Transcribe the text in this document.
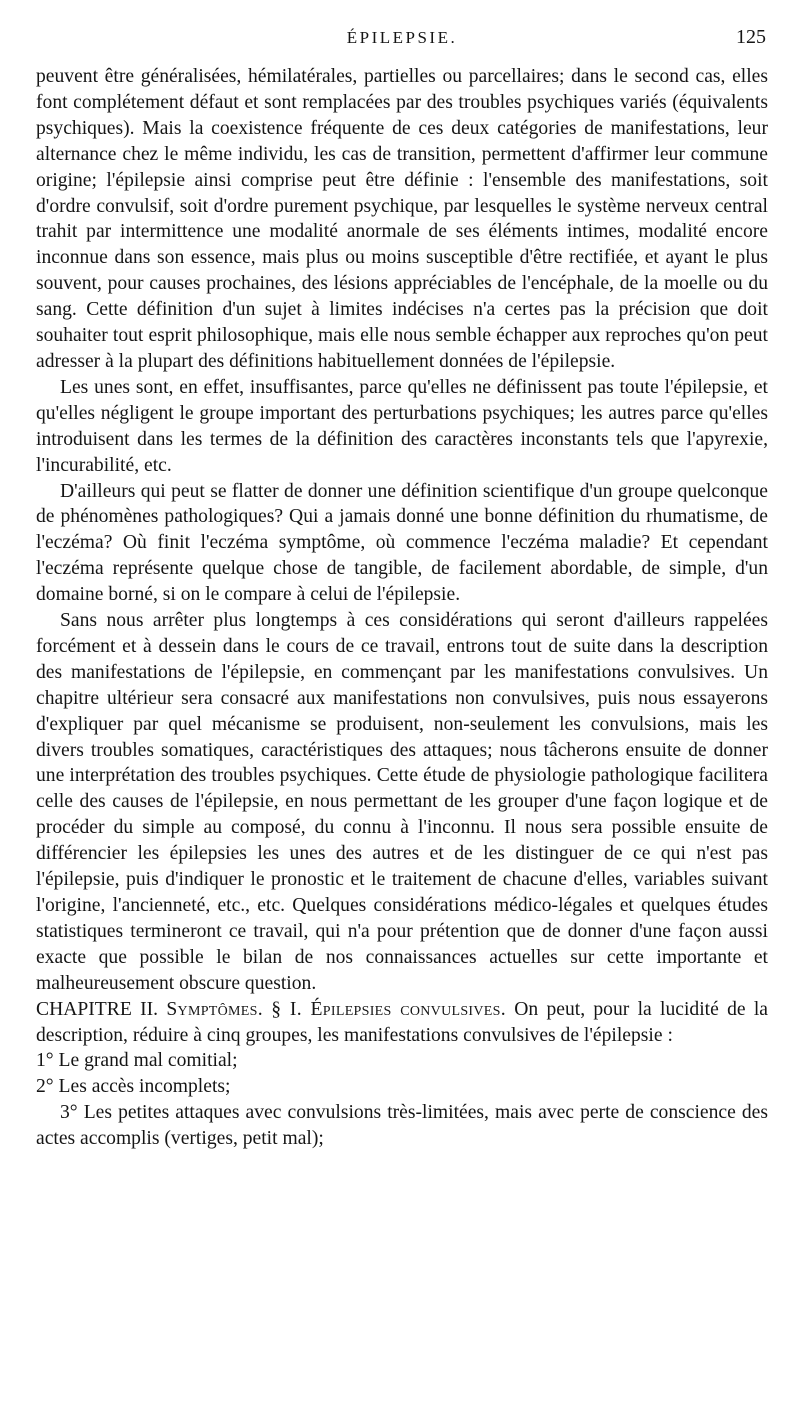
ÉPILEPSIE.	125

peuvent être généralisées, hémilatérales, partielles ou parcellaires; dans le second cas, elles font complétement défaut et sont remplacées par des troubles psychiques variés (équivalents psychiques). Mais la coexistence fréquente de ces deux catégories de manifestations, leur alternance chez le même individu, les cas de transition, permettent d'affirmer leur commune origine; l'épilepsie ainsi comprise peut être définie : l'ensemble des manifestations, soit d'ordre convulsif, soit d'ordre purement psychique, par lesquelles le système nerveux central trahit par intermittence une modalité anormale de ses éléments intimes, modalité encore inconnue dans son essence, mais plus ou moins susceptible d'être rectifiée, et ayant le plus souvent, pour causes prochaines, des lésions appréciables de l'encéphale, de la moelle ou du sang. Cette définition d'un sujet à limites indécises n'a certes pas la précision que doit souhaiter tout esprit philosophique, mais elle nous semble échapper aux reproches qu'on peut adresser à la plupart des définitions habituellement données de l'épilepsie.

Les unes sont, en effet, insuffisantes, parce qu'elles ne définissent pas toute l'épilepsie, et qu'elles négligent le groupe important des perturbations psychiques; les autres parce qu'elles introduisent dans les termes de la définition des caractères inconstants tels que l'apyrexie, l'incurabilité, etc.

D'ailleurs qui peut se flatter de donner une définition scientifique d'un groupe quelconque de phénomènes pathologiques? Qui a jamais donné une bonne définition du rhumatisme, de l'eczéma? Où finit l'eczéma symptôme, où commence l'eczéma maladie? Et cependant l'eczéma représente quelque chose de tangible, de facilement abordable, de simple, d'un domaine borné, si on le compare à celui de l'épilepsie.

Sans nous arrêter plus longtemps à ces considérations qui seront d'ailleurs rappelées forcément et à dessein dans le cours de ce travail, entrons tout de suite dans la description des manifestations de l'épilepsie, en commençant par les manifestations convulsives. Un chapitre ultérieur sera consacré aux manifestations non convulsives, puis nous essayerons d'expliquer par quel mécanisme se produisent, non-seulement les convulsions, mais les divers troubles somatiques, caractéristiques des attaques; nous tâcherons ensuite de donner une interprétation des troubles psychiques. Cette étude de physiologie pathologique facilitera celle des causes de l'épilepsie, en nous permettant de les grouper d'une façon logique et de procéder du simple au composé, du connu à l'inconnu. Il nous sera possible ensuite de différencier les épilepsies les unes des autres et de les distinguer de ce qui n'est pas l'épilepsie, puis d'indiquer le pronostic et le traitement de chacune d'elles, variables suivant l'origine, l'ancienneté, etc., etc. Quelques considérations médico-légales et quelques études statistiques termineront ce travail, qui n'a pour prétention que de donner d'une façon aussi exacte que possible le bilan de nos connaissances actuelles sur cette importante et malheureusement obscure question.

CHAPITRE II. Symptômes. § I. Épilepsies convulsives. On peut, pour la lucidité de la description, réduire à cinq groupes, les manifestations convulsives de l'épilepsie :

1° Le grand mal comitial;

2° Les accès incomplets;

3° Les petites attaques avec convulsions très-limitées, mais avec perte de conscience des actes accomplis (vertiges, petit mal);
